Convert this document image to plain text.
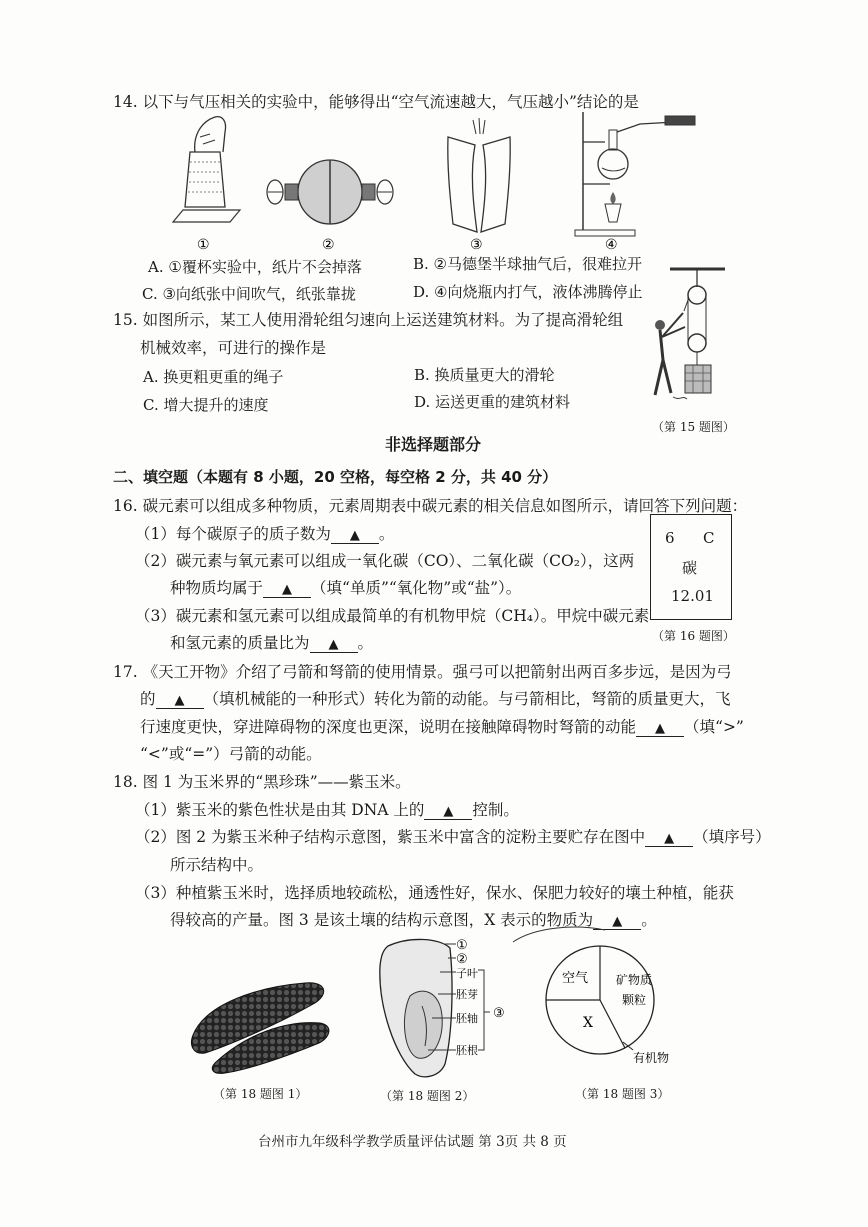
14. 以下与气压相关的实验中，能够得出“空气流速越大，气压越小”结论的是
①	②	③	④
A. ①覆杯实验中，纸片不会掉落	B. ②马德堡半球抽气后，很难拉开
C. ③向纸张中间吹气，纸张靠拢	D. ④向烧瓶内打气，液体沸腾停止
15. 如图所示，某工人使用滑轮组匀速向上运送建筑材料。为了提高滑轮组
机械效率，可进行的操作是
A. 换更粗更重的绳子	B. 换质量更大的滑轮
C. 增大提升的速度	D. 运送更重的建筑材料
（第 15 题图）
非选择题部分
二、填空题（本题有 8 小题，20 空格，每空格 2 分，共 40 分）
16. 碳元素可以组成多种物质，元素周期表中碳元素的相关信息如图所示，请回答下列问题：
（1）每个碳原子的质子数为 ▲ 。
（2）碳元素与氧元素可以组成一氧化碳（CO）、二氧化碳（CO₂），这两
种物质均属于 ▲ （填“单质”“氧化物”或“盐”）。
（3）碳元素和氢元素可以组成最简单的有机物甲烷（CH₄）。甲烷中碳元素
和氢元素的质量比为 ▲ 。
6 C
碳
12.01
（第 16 题图）
17. 《天工开物》介绍了弓箭和弩箭的使用情景。强弓可以把箭射出两百多步远，是因为弓
的 ▲ （填机械能的一种形式）转化为箭的动能。与弓箭相比，弩箭的质量更大，飞
行速度更快，穿进障碍物的深度也更深，说明在接触障碍物时弩箭的动能 ▲ （填“>”
“<”或“=”）弓箭的动能。
18. 图 1 为玉米界的“黑珍珠”——紫玉米。
（1）紫玉米的紫色性状是由其 DNA 上的 ▲ 控制。
（2）图 2 为紫玉米种子结构示意图，紫玉米中富含的淀粉主要贮存在图中 ▲ （填序号）
所示结构中。
（3）种植紫玉米时，选择质地较疏松，通透性好，保水、保肥力较好的壤土种植，能获
得较高的产量。图 3 是该土壤的结构示意图，X 表示的物质为 ▲ 。
①
②
子叶
胚芽
胚轴
胚根
③
空气 矿物质
颗粒
X
有机物
（第 18 题图 1）	（第 18 题图 2）	（第 18 题图 3）
台州市九年级科学教学质量评估试题 第 3页 共 8 页
